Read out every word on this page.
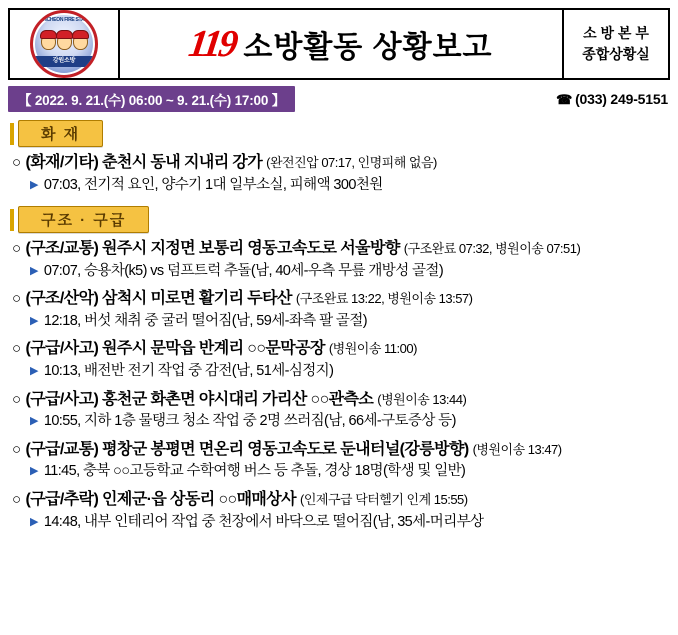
CHUNCHEON FIRE STATION
강원소방	119 소방활동 상황보고	소 방 본 부
종합상황실
【 2022. 9. 21.(수) 06:00 ~ 9. 21.(수) 17:00 】	☎ (033) 249-5151
화 재
○ (화재/기타) 춘천시 동내 지내리 강가 (완전진압 07:17, 인명피해 없음)
▶ 07:03, 전기적 요인, 양수기 1대 일부소실, 피해액 300천원
구조 · 구급
○ (구조/교통) 원주시 지정면 보통리 영동고속도로 서울방향 (구조완료 07:32, 병원이송 07:51)
▶ 07:07, 승용차(k5) vs 덤프트럭 추돌(남, 40세-우측 무릎 개방성 골절)
○ (구조/산악) 삼척시 미로면 활기리 두타산 (구조완료 13:22, 병원이송 13:57)
▶ 12:18, 버섯 채취 중 굴러 떨어짐(남, 59세-좌측 팔 골절)
○ (구급/사고) 원주시 문막읍 반계리 ○○문막공장 (병원이송 11:00)
▶ 10:13, 배전반 전기 작업 중 감전(남, 51세-심정지)
○ (구급/사고) 홍천군 화촌면 야시대리 가리산 ○○관측소 (병원이송 13:44)
▶ 10:55, 지하 1층 물탱크 청소 작업 중 2명 쓰러짐(남, 66세-구토증상 등)
○ (구급/교통) 평창군 봉평면 면온리 영동고속도로 둔내터널(강릉방향) (병원이송 13:47)
▶ 11:45, 충북 ○○고등학교 수학여행 버스 등 추돌, 경상 18명(학생 및 일반)
○ (구급/추락) 인제군·읍 상동리 ○○매매상사 (인제구급 닥터헬기 인계 15:55)
▶ 14:48, 내부 인테리어 작업 중 천장에서 바닥으로 떨어짐(남, 35세-머리부상
